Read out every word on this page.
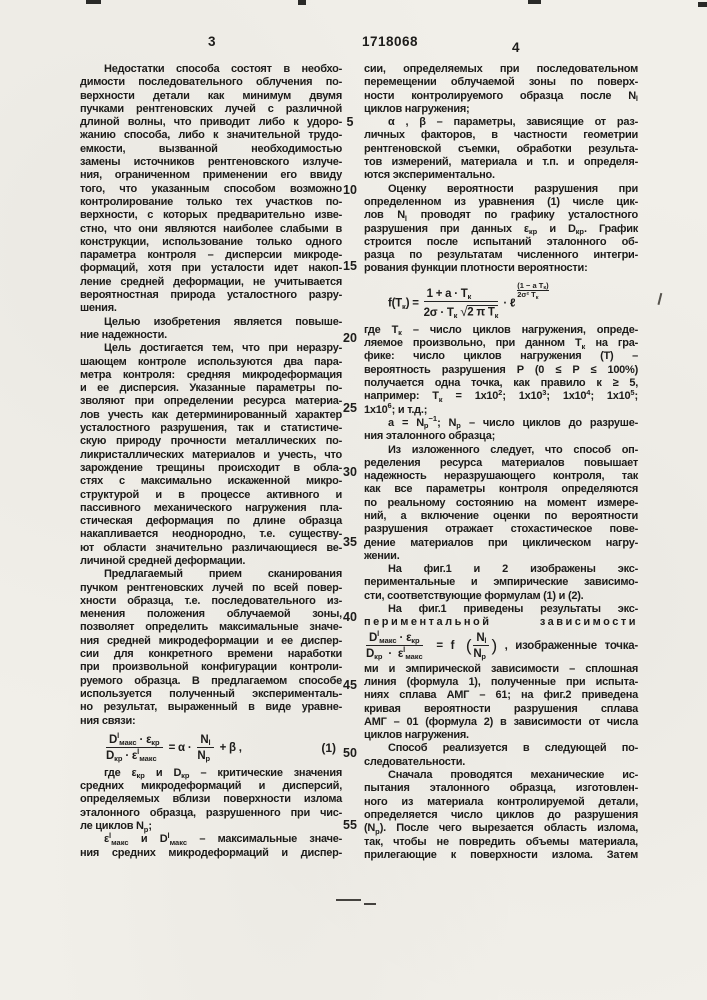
3	1718068	4
Недостатки способа состоят в необхо-
димости последовательного облучения по-
верхности детали как минимум двумя
пучками рентгеновских лучей с различной
длиной волны, что приводит либо к удоро-
жанию способа, либо к значительной трудо-
емкости, вызванной необходимостью
замены источников рентгеновского излуче-
ния, ограниченном применении его ввиду
того, что указанным способом возможно
контролирование только тех участков по-
верхности, с которых предварительно изве-
стно, что они являются наиболее слабыми в
конструкции, использование только одного
параметра контроля – дисперсии микроде-
формаций, хотя при усталости идет накоп-
ление средней деформации, не учитывается
вероятностная природа усталостного разру-
шения.
Целью изобретения является повыше-
ние надежности.
Цель достигается тем, что при неразру-
шающем контроле используются два пара-
метра контроля: средняя микродеформация
и ее дисперсия. Указанные параметры по-
зволяют при определении ресурса материа-
лов учесть как детерминированный характер
усталостного разрушения, так и статистиче-
скую природу прочности металлических по-
ликристаллических материалов и учесть, что
зарождение трещины происходит в обла-
стях с максимально искаженной микро-
структурой и в процессе активного и
пассивного механического нагружения пла-
стическая деформация по длине образца
накапливается неоднородно, т.е. существу-
ют области значительно различающиеся ве-
личиной средней деформации.
Предлагаемый прием сканирования
пучком рентгеновских лучей по всей повер-
хности образца, т.е. последовательного из-
менения положения облучаемой зоны,
позволяет определить максимальные значе-
ния средней микродеформации и ее диспер-
сии для конкретного времени наработки
при произвольной конфигурации контроли-
руемого образца. В предлагаемом способе
используется полученный эксперименталь-
но результат, выраженный в виде уравне-
ния связи:
$\frac{D^l_{макс} \cdot \varepsilon_{кр}}{D_{кр} \cdot \varepsilon^l_{макс}} = \alpha \cdot \frac{N_l}{N_р} + \beta$ ,	(1)
где $\varepsilon_{кр}$ и $D_{кр}$ – критические значения
средних микродеформаций и дисперсий,
определяемых вблизи поверхности излома
эталонного образца, разрушенного при чис-
ле циклов $N_р$;
$\varepsilon^l_{макс}$ и $D^l_{макс}$ – максимальные значе-
ния средних микродеформаций и диспер-
сии, определяемых при последовательном
перемещении облучаемой зоны по поверх-
ности контролируемого образца после $N_l$
циклов нагружения;
α , β – параметры, зависящие от раз-
личных факторов, в частности геометрии
рентгеновской съемки, обработки результа-
тов измерений, материала и т.п. и определя-
ются экспериментально.
Оценку вероятности разрушения при
определенном из уравнения (1) числе цик-
лов $N_l$ проводят по графику усталостного
разрушения при данных $\varepsilon_{кр}$ и $D_{кр}$. График
строится после испытаний эталонного об-
разца по результатам численного интегри-
рования функции плотности вероятности:
$f(T_к) = \frac{1 + a \cdot T_к}{2\sigma \cdot T_к √2 \pi T_к}$ · ℓ
(1 − a $T_к$)
2σ² $T_к$
где $T_к$ – число циклов нагружения, опреде-
ляемое произвольно, при данном $T_к$ на гра-
фике: число циклов нагружения (T) –
вероятность разрушения P (0 ≤ P ≤ 100%)
получается одна точка, как правило к ≥ 5,
например: $T_к = 1x10^2$; $1x10^3$; $1x10^4$; $1x10^5$;
$1x10^6$; и т.д.;
$a = N_р^{-1}$; $N_р$ – число циклов до разруше-
ния эталонного образца;
Из изложенного следует, что способ оп-
ределения ресурса материалов повышает
надежность неразрушающего контроля, так
как все параметры контроля определяются
по реальному состоянию на момент измере-
ний, а включение оценки по вероятности
разрушения отражает стохастическое пове-
дение материалов при циклическом нагру-
жении.
На фиг.1 и 2 изображены экс-
периментальные и эмпирические зависимо-
сти, соответствующие формулам (1) и (2).
На фиг.1 приведены результаты экс-
периментальной зависимости
$\frac{D^l_{макс} \cdot \varepsilon_{кр}}{D_{кр} \cdot \varepsilon^l_{макс}} = f$ ( $\frac{N_l}{N_р}$ ) , изображенные точка-
ми и эмпирической зависимости – сплошная
линия (формула 1), полученные при испыта-
ниях сплава АМГ – 61; на фиг.2 приведена
кривая вероятности разрушения сплава
АМГ – 01 (формула 2) в зависимости от числа
циклов нагружения.
Способ реализуется в следующей по-
следовательности.
Сначала проводятся механические ис-
пытания эталонного образца, изготовлен-
ного из материала контролируемой детали,
определяется число циклов до разрушения
$(N_р)$. После чего вырезается область излома,
так, чтобы не повредить объемы материала,
прилегающие к поверхности излома. Затем
5
10
15
20
25
30
35
40
45
50
55
